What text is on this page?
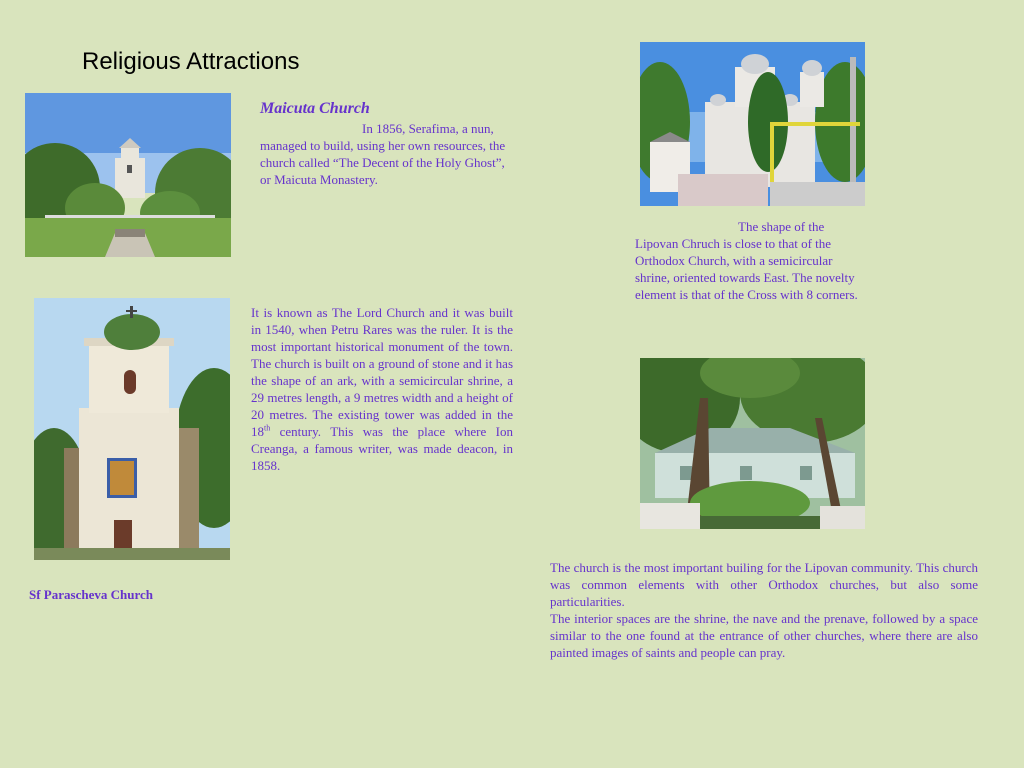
Religious Attractions
Maicuta Church
In 1856, Serafima, a nun, managed to build, using her own resources, the church called “The Decent of the Holy Ghost”, or Maicuta Monastery.
It is known as The Lord Church and it was built in 1540, when Petru Rares was the ruler. It is the most important historical monument of the town. The church is built on a ground of stone and it has the shape of an ark, with a semicircular shrine, a 29 metres length, a 9 metres width and a height of 20 metres. The existing tower was added in the 18th century. This was the place where Ion Creanga, a famous writer, was made deacon, in 1858.
Sf Parascheva Church
The shape of the Lipovan Chruch is close to that of the Orthodox Church, with a semicircular shrine, oriented towards East. The novelty element is that of the Cross with 8 corners.
The church is the most important builing for the Lipovan community. This church was common elements with other Orthodox churches, but also some particularities.
The interior spaces are the shrine, the nave and the prenave, followed by a space similar to the one found at the entrance of other churches, where there are also painted images of saints and people can pray.
